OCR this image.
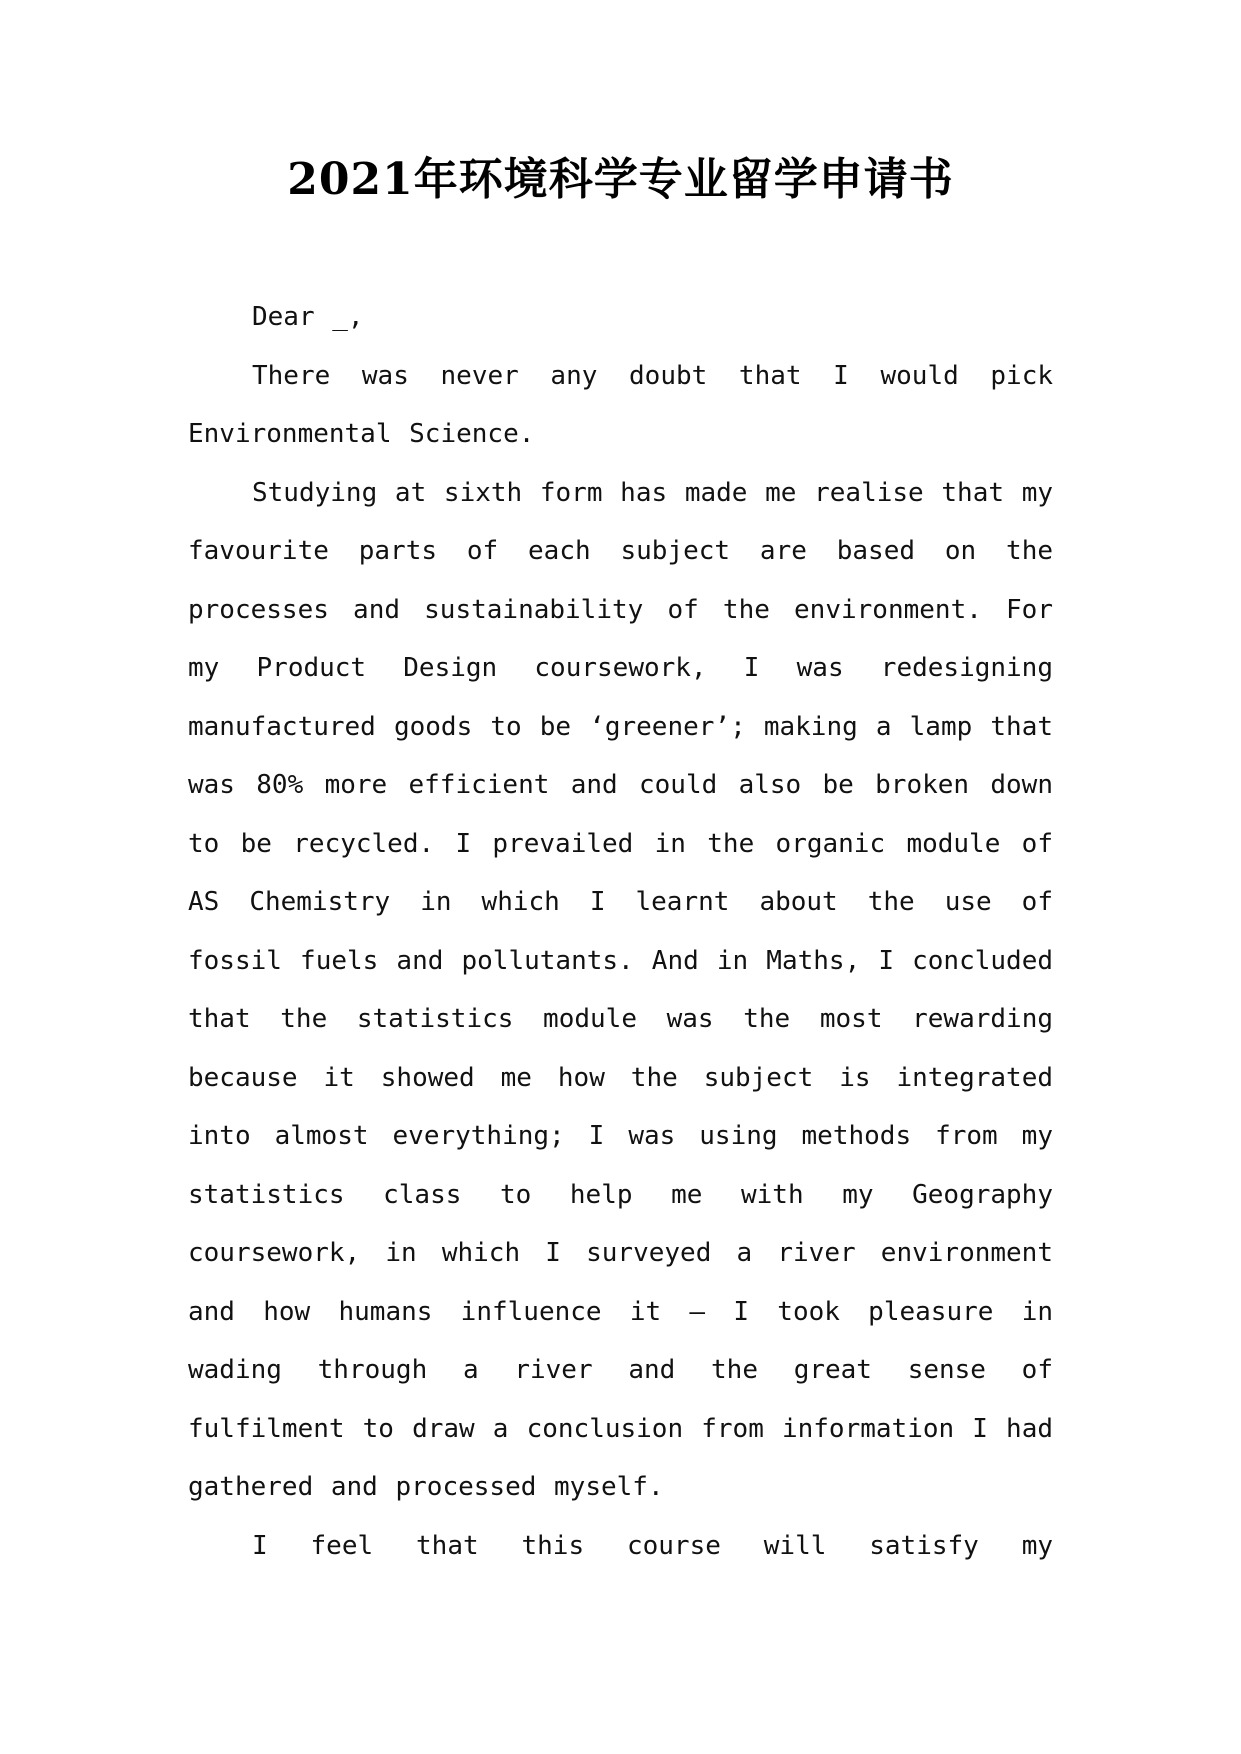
2021年环境科学专业留学申请书

Dear _,

There was never any doubt that I would pick Environmental Science.

Studying at sixth form has made me realise that my favourite parts of each subject are based on the processes and sustainability of the environment. For my Product Design coursework, I was redesigning manufactured goods to be ‘greener’; making a lamp that was 80% more efficient and could also be broken down to be recycled. I prevailed in the organic module of AS Chemistry in which I learnt about the use of fossil fuels and pollutants. And in Maths, I concluded that the statistics module was the most rewarding because it showed me how the subject is integrated into almost everything; I was using methods from my statistics class to help me with my Geography coursework, in which I surveyed a river environment and how humans influence it – I took pleasure in wading through a river and the great sense of fulfilment to draw a conclusion from information I had gathered and processed myself.

I feel that this course will satisfy my
